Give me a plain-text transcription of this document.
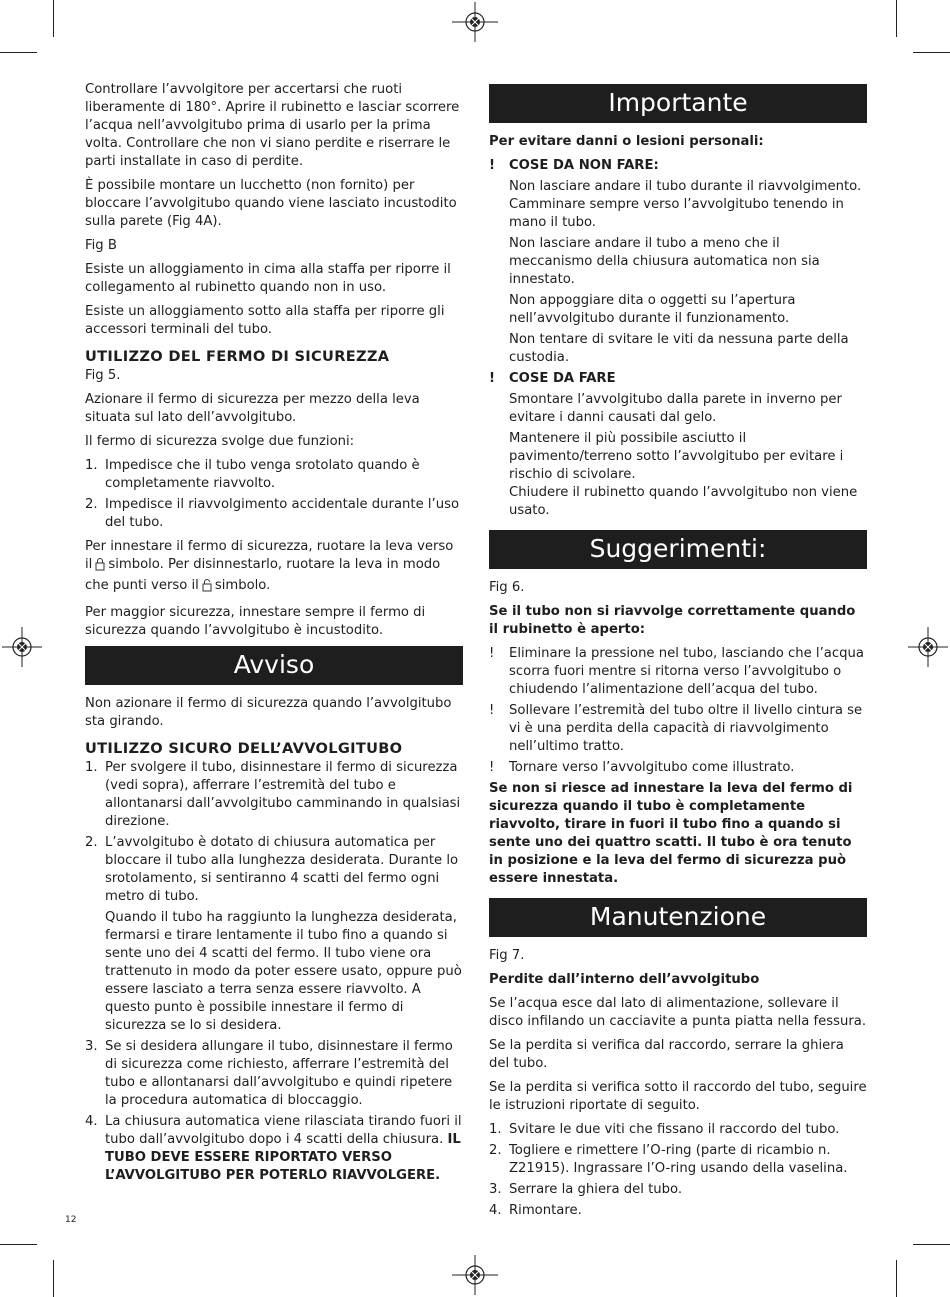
Controllare l’avvolgitore per accertarsi che ruoti liberamente di 180°. Aprire il rubinetto e lasciar scorrere l’acqua nell’avvolgitubo prima di usarlo per la prima volta. Controllare che non vi siano perdite e riserrare le parti installate in caso di perdite.

È possibile montare un lucchetto (non fornito) per bloccare l’avvolgitubo quando viene lasciato incustodito sulla parete (Fig 4A).

Fig B

Esiste un alloggiamento in cima alla staffa per riporre il collegamento al rubinetto quando non in uso.

Esiste un alloggiamento sotto alla staffa per riporre gli accessori terminali del tubo.

UTILIZZO DEL FERMO DI SICUREZZA

Fig 5.

Azionare il fermo di sicurezza per mezzo della leva situata sul lato dell’avvolgitubo.

Il fermo di sicurezza svolge due funzioni:

1. Impedisce che il tubo venga srotolato quando è completamente riavvolto.
2. Impedisce il riavvolgimento accidentale durante l’uso del tubo.

Per innestare il fermo di sicurezza, ruotare la leva verso il simbolo. Per disinnestarlo, ruotare la leva in modo che punti verso il simbolo.

Per maggior sicurezza, innestare sempre il fermo di sicurezza quando l’avvolgitubo è incustodito.

Avviso

Non azionare il fermo di sicurezza quando l’avvolgitubo sta girando.

UTILIZZO SICURO DELL’AVVOLGITUBO
1. Per svolgere il tubo, disinnestare il fermo di sicurezza (vedi sopra), afferrare l’estremità del tubo e allontanarsi dall’avvolgitubo camminando in qualsiasi direzione.
2. L’avvolgitubo è dotato di chiusura automatica per bloccare il tubo alla lunghezza desiderata. Durante lo srotolamento, si sentiranno 4 scatti del fermo ogni metro di tubo.
Quando il tubo ha raggiunto la lunghezza desiderata, fermarsi e tirare lentamente il tubo fino a quando si sente uno dei 4 scatti del fermo. Il tubo viene ora trattenuto in modo da poter essere usato, oppure può essere lasciato a terra senza essere riavvolto. A questo punto è possibile innestare il fermo di sicurezza se lo si desidera.
3. Se si desidera allungare il tubo, disinnestare il fermo di sicurezza come richiesto, afferrare l’estremità del tubo e allontanarsi dall’avvolgitubo e quindi ripetere la procedura automatica di bloccaggio.
4. La chiusura automatica viene rilasciata tirando fuori il tubo dall’avvolgitubo dopo i 4 scatti della chiusura. IL TUBO DEVE ESSERE RIPORTATO VERSO L’AVVOLGITUBO PER POTERLO RIAVVOLGERE.
Importante

Per evitare danni o lesioni personali:

! COSE DA NON FARE:

Non lasciare andare il tubo durante il riavvolgimento. Camminare sempre verso l’avvolgitubo tenendo in mano il tubo.

Non lasciare andare il tubo a meno che il meccanismo della chiusura automatica non sia innestato.

Non appoggiare dita o oggetti su l’apertura nell’avvolgitubo durante il funzionamento.

Non tentare di svitare le viti da nessuna parte della custodia.

! COSE DA FARE

Smontare l’avvolgitubo dalla parete in inverno per evitare i danni causati dal gelo.

Mantenere il più possibile asciutto il pavimento/terreno sotto l’avvolgitubo per evitare i rischio di scivolare.

Chiudere il rubinetto quando l’avvolgitubo non viene usato.

Suggerimenti:

Fig 6.

Se il tubo non si riavvolge correttamente quando il rubinetto è aperto:

! Eliminare la pressione nel tubo, lasciando che l’acqua scorra fuori mentre si ritorna verso l’avvolgitubo o chiudendo l’alimentazione dell’acqua del tubo.
! Sollevare l’estremità del tubo oltre il livello cintura se vi è una perdita della capacità di riavvolgimento nell’ultimo tratto.
! Tornare verso l’avvolgitubo come illustrato.

Se non si riesce ad innestare la leva del fermo di sicurezza quando il tubo è completamente riavvolto, tirare in fuori il tubo fino a quando si sente uno dei quattro scatti. Il tubo è ora tenuto in posizione e la leva del fermo di sicurezza può essere innestata.

Manutenzione

Fig 7.

Perdite dall’interno dell’avvolgitubo

Se l’acqua esce dal lato di alimentazione, sollevare il disco infilando un cacciavite a punta piatta nella fessura.

Se la perdita si verifica dal raccordo, serrare la ghiera del tubo.

Se la perdita si verifica sotto il raccordo del tubo, seguire le istruzioni riportate di seguito.

1. Svitare le due viti che fissano il raccordo del tubo.
2. Togliere e rimettere l’O-ring (parte di ricambio n. Z21915). Ingrassare l’O-ring usando della vaselina.
3. Serrare la ghiera del tubo.
4. Rimontare.
12
